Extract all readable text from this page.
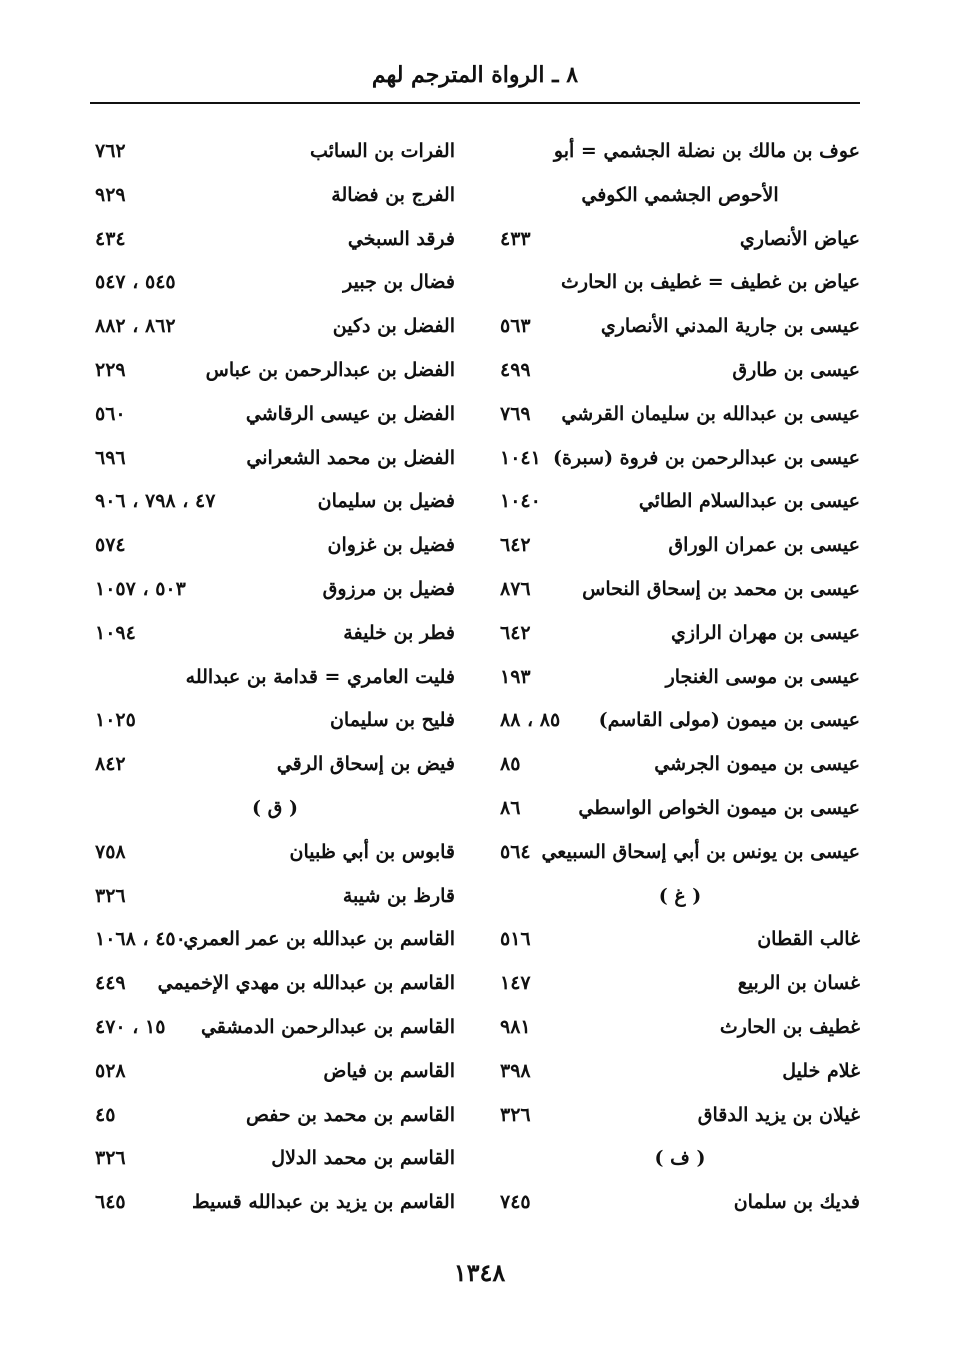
٨ ـ الرواة المترجم لهم
عوف بن مالك بن نضلة الجشمي = أبو
الأحوص الجشمي الكوفي
عياض الأنصاري
٤٣٣
عياض بن غطيف = غطيف بن الحارث
عيسى بن جارية المدني الأنصاري
٥٦٣
عيسى بن طارق
٤٩٩
عيسى بن عبدالله بن سليمان القرشي
٧٦٩
عيسى بن عبدالرحمن بن فروة (سبرة)
١٠٤١
عيسى بن عبدالسلام الطائي
١٠٤٠
عيسى بن عمران الوراق
٦٤٢
عيسى بن محمد بن إسحاق النحاس
٨٧٦
عيسى بن مهران الرازي
٦٤٢
عيسى بن موسى الغنجار
١٩٣
عيسى بن ميمون (مولى القاسم)
٨٥ ، ٨٨
عيسى بن ميمون الجرشي
٨٥
عيسى بن ميمون الخواص الواسطي
٨٦
عيسى بن يونس بن أبي إسحاق السبيعي
٥٦٤
( غ )
غالب القطان
٥١٦
غسان بن الربيع
١٤٧
غطيف بن الحارث
٩٨١
غلام خليل
٣٩٨
غيلان بن يزيد الدقاق
٣٢٦
( ف )
فديك بن سلمان
٧٤٥
الفرات بن السائب
٧٦٢
الفرج بن فضالة
٩٢٩
فرقد السبخي
٤٣٤
فضال بن جبير
٥٤٥ ، ٥٤٧
الفضل بن دكين
٨٦٢ ، ٨٨٢
الفضل بن عبدالرحمن بن عباس
٢٢٩
الفضل بن عيسى الرقاشي
٥٦٠
الفضل بن محمد الشعراني
٦٩٦
فضيل بن سليمان
٤٧ ، ٧٩٨ ، ٩٠٦
فضيل بن غزوان
٥٧٤
فضيل بن مرزوق
٥٠٣ ، ١٠٥٧
فطر بن خليفة
١٠٩٤
فليت العامري = قدامة بن عبدالله
فليح بن سليمان
١٠٢٥
فيض بن إسحاق الرقي
٨٤٢
( ق )
قابوس بن أبي ظبيان
٧٥٨
قارظ بن شيبة
٣٢٦
القاسم بن عبدالله بن عمر العمري
٤٥٠ ، ١٠٦٨
القاسم بن عبدالله بن مهدي الإخميمي
٤٤٩
القاسم بن عبدالرحمن الدمشقي
١٥ ، ٤٧٠
القاسم بن فياض
٥٢٨
القاسم بن محمد بن حفص
٤٥
القاسم بن محمد الدلال
٣٢٦
القاسم بن يزيد بن عبدالله قسيط
٦٤٥
١٣٤٨
